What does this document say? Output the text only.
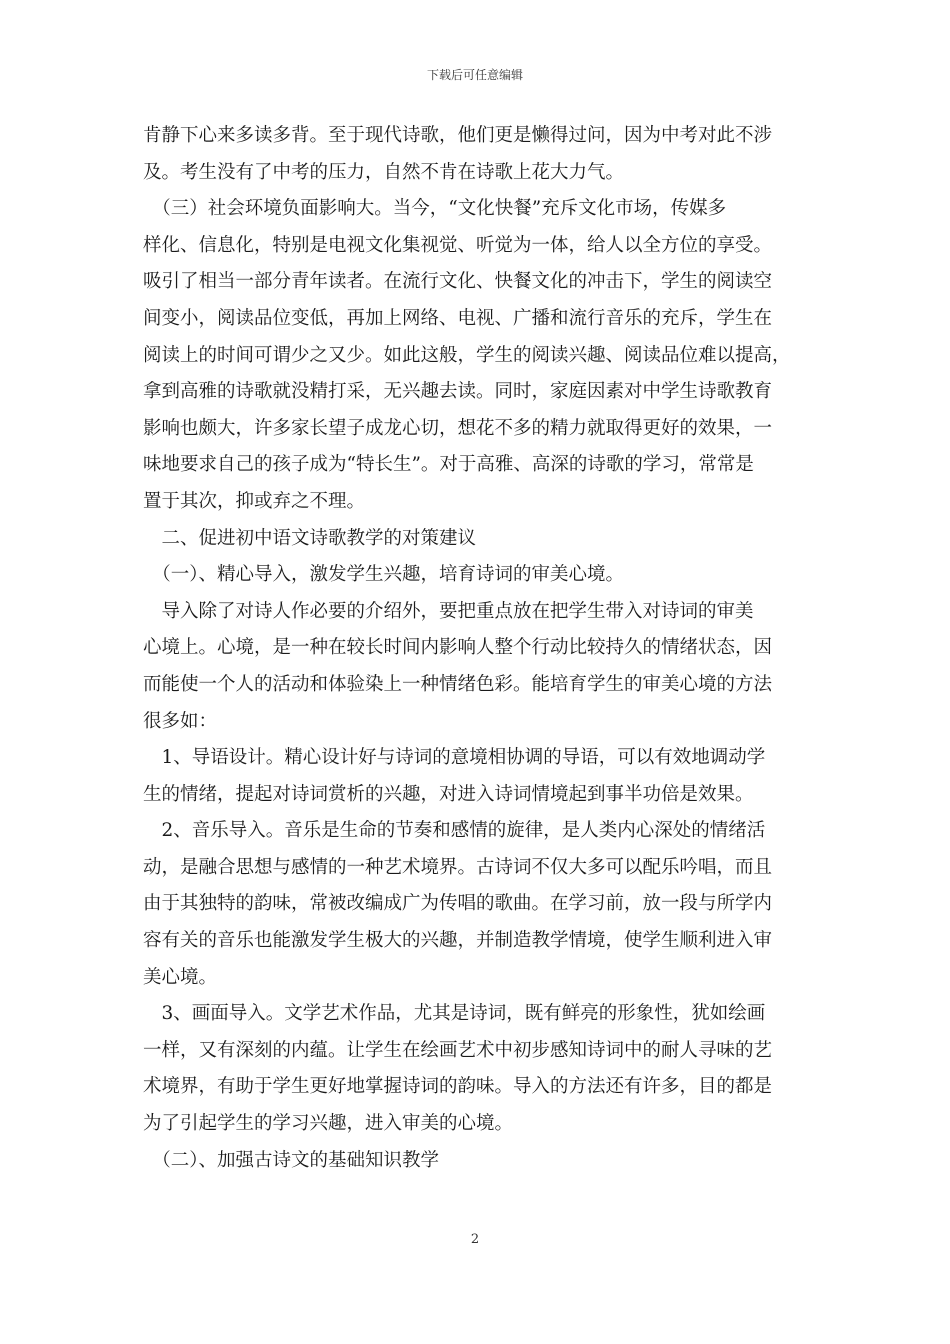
下载后可任意编辑
肯静下心来多读多背。至于现代诗歌，他们更是懒得过问，因为中考对此不涉
及。考生没有了中考的压力，自然不肯在诗歌上花大力气。
　（三）社会环境负面影响大。当今，“文化快餐”充斥文化市场，传媒多
样化、信息化，特别是电视文化集视觉、听觉为一体，给人以全方位的享受。
吸引了相当一部分青年读者。在流行文化、快餐文化的冲击下，学生的阅读空
间变小，阅读品位变低，再加上网络、电视、广播和流行音乐的充斥，学生在
阅读上的时间可谓少之又少。如此这般，学生的阅读兴趣、阅读品位难以提高，
拿到高雅的诗歌就没精打采，无兴趣去读。同时，家庭因素对中学生诗歌教育
影响也颇大，许多家长望子成龙心切，想花不多的精力就取得更好的效果，一
味地要求自己的孩子成为“特长生”。对于高雅、高深的诗歌的学习，常常是
置于其次，抑或弃之不理。
　二、促进初中语文诗歌教学的对策建议
　（一）、精心导入，激发学生兴趣，培育诗词的审美心境。
　导入除了对诗人作必要的介绍外，要把重点放在把学生带入对诗词的审美
心境上。心境，是一种在较长时间内影响人整个行动比较持久的情绪状态，因
而能使一个人的活动和体验染上一种情绪色彩。能培育学生的审美心境的方法
很多如：
　1、导语设计。精心设计好与诗词的意境相协调的导语，可以有效地调动学
生的情绪，提起对诗词赏析的兴趣，对进入诗词情境起到事半功倍是效果。
　2、音乐导入。音乐是生命的节奏和感情的旋律，是人类内心深处的情绪活
动，是融合思想与感情的一种艺术境界。古诗词不仅大多可以配乐吟唱，而且
由于其独特的韵味，常被改编成广为传唱的歌曲。在学习前，放一段与所学内
容有关的音乐也能激发学生极大的兴趣，并制造教学情境，使学生顺利进入审
美心境。
　3、画面导入。文学艺术作品，尤其是诗词，既有鲜亮的形象性，犹如绘画
一样，又有深刻的内蕴。让学生在绘画艺术中初步感知诗词中的耐人寻味的艺
术境界，有助于学生更好地掌握诗词的韵味。导入的方法还有许多，目的都是
为了引起学生的学习兴趣，进入审美的心境。
　（二）、加强古诗文的基础知识教学
2
